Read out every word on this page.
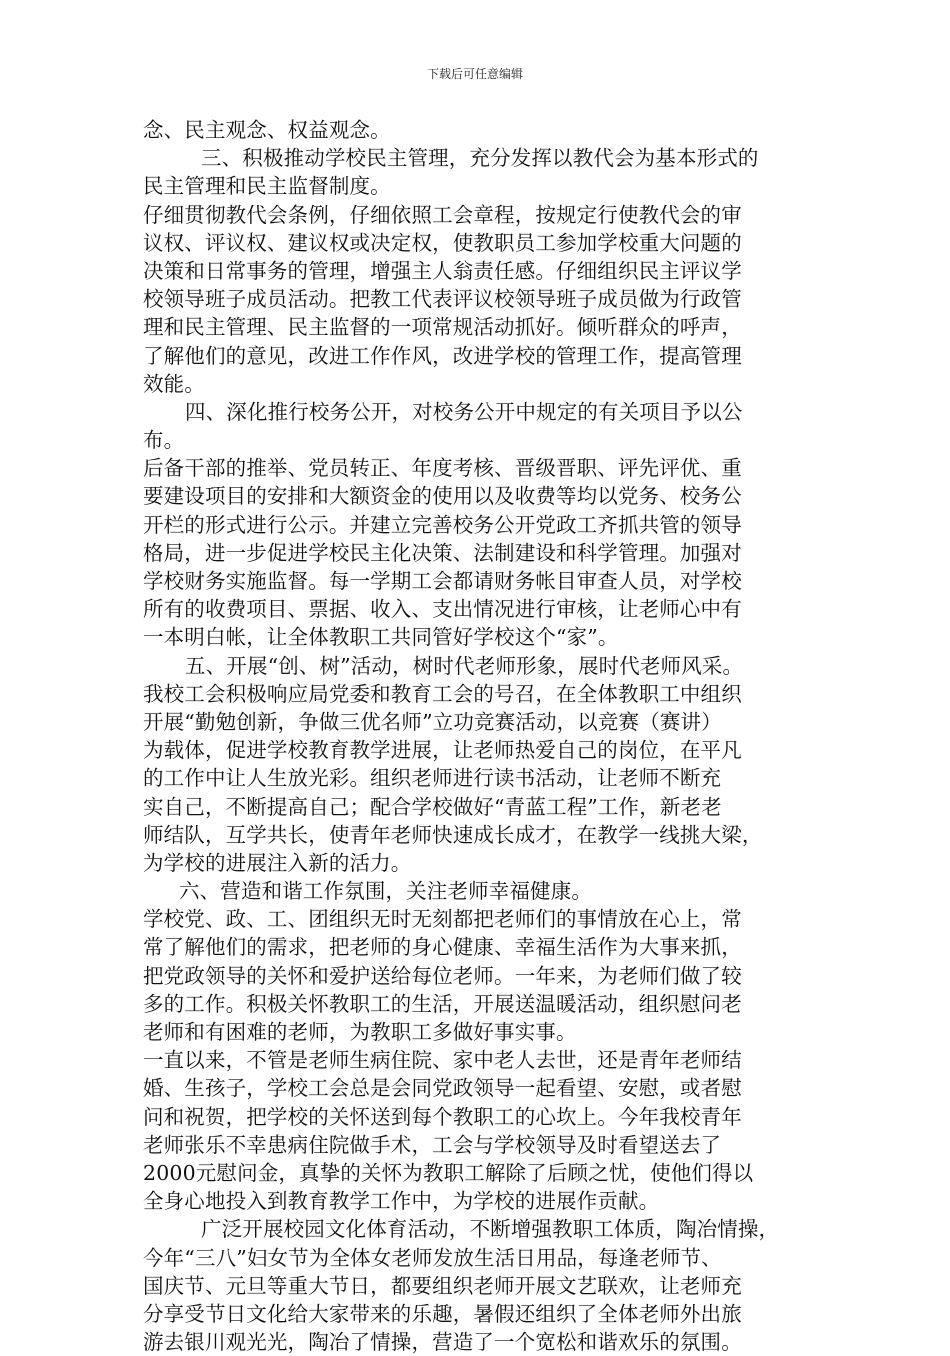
下载后可任意编辑
念、民主观念、权益观念。
三、积极推动学校民主管理，充分发挥以教代会为基本形式的
民主管理和民主监督制度。
仔细贯彻教代会条例，仔细依照工会章程，按规定行使教代会的审
议权、评议权、建议权或决定权，使教职员工参加学校重大问题的
决策和日常事务的管理，增强主人翁责任感。仔细组织民主评议学
校领导班子成员活动。把教工代表评议校领导班子成员做为行政管
理和民主管理、民主监督的一项常规活动抓好。倾听群众的呼声，
了解他们的意见，改进工作作风，改进学校的管理工作，提高管理
效能。
四、深化推行校务公开，对校务公开中规定的有关项目予以公
布。
后备干部的推举、党员转正、年度考核、晋级晋职、评先评优、重
要建设项目的安排和大额资金的使用以及收费等均以党务、校务公
开栏的形式进行公示。并建立完善校务公开党政工齐抓共管的领导
格局，进一步促进学校民主化决策、法制建设和科学管理。加强对
学校财务实施监督。每一学期工会都请财务帐目审查人员，对学校
所有的收费项目、票据、收入、支出情况进行审核，让老师心中有
一本明白帐，让全体教职工共同管好学校这个“家”。
五、开展“创、树”活动，树时代老师形象，展时代老师风采。
我校工会积极响应局党委和教育工会的号召，在全体教职工中组织
开展“勤勉创新，争做三优名师”立功竞赛活动，以竞赛（赛讲）
为载体，促进学校教育教学进展，让老师热爱自己的岗位，在平凡
的工作中让人生放光彩。组织老师进行读书活动，让老师不断充
实自己，不断提高自己；配合学校做好“青蓝工程”工作，新老老
师结队，互学共长，使青年老师快速成长成才，在教学一线挑大梁，
为学校的进展注入新的活力。
六、营造和谐工作氛围，关注老师幸福健康。
学校党、政、工、团组织无时无刻都把老师们的事情放在心上，常
常了解他们的需求，把老师的身心健康、幸福生活作为大事来抓，
把党政领导的关怀和爱护送给每位老师。一年来，为老师们做了较
多的工作。积极关怀教职工的生活，开展送温暖活动，组织慰问老
老师和有困难的老师，为教职工多做好事实事。
一直以来，不管是老师生病住院、家中老人去世，还是青年老师结
婚、生孩子，学校工会总是会同党政领导一起看望、安慰，或者慰
问和祝贺，把学校的关怀送到每个教职工的心坎上。今年我校青年
老师张乐不幸患病住院做手术，工会与学校领导及时看望送去了
2000元慰问金，真挚的关怀为教职工解除了后顾之忧，使他们得以
全身心地投入到教育教学工作中，为学校的进展作贡献。
广泛开展校园文化体育活动，不断增强教职工体质，陶冶情操，
今年“三八”妇女节为全体女老师发放生活日用品，每逢老师节、
国庆节、元旦等重大节日，都要组织老师开展文艺联欢，让老师充
分享受节日文化给大家带来的乐趣，暑假还组织了全体老师外出旅
游去银川观光光，陶冶了情操，营造了一个宽松和谐欢乐的氛围。
